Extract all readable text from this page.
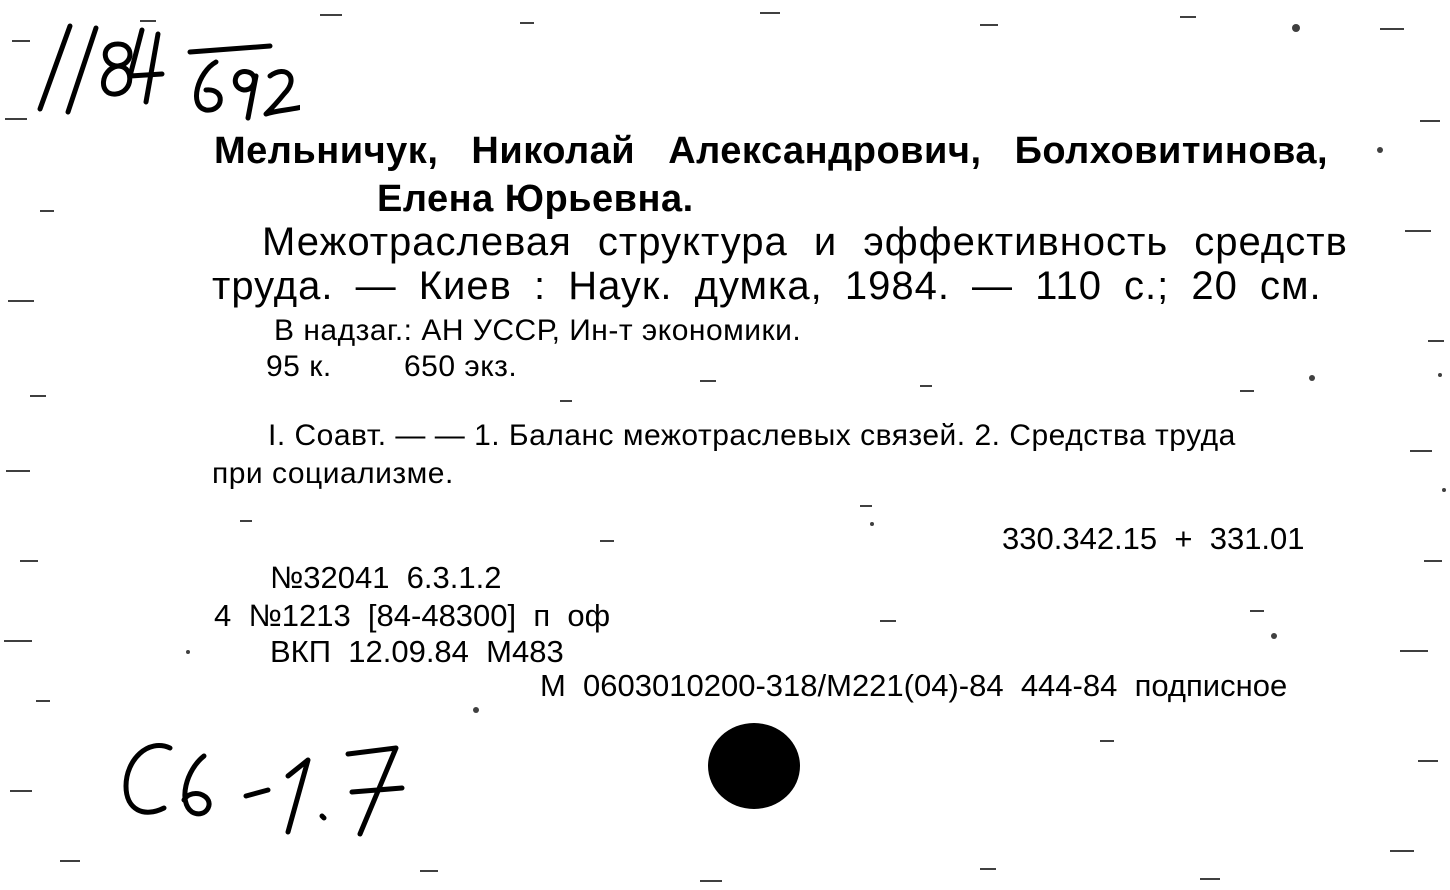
Мельничук, Николай Александрович, Болховитинова,
Елена Юрьевна.
Межотраслевая структура и эффективность средств
труда. — Киев : Наук. думка, 1984. — 110 с.; 20 см.
В надзаг.: АН УССР, Ин-т экономики.
95 к. 650 экз.
I. Соавт. — — 1. Баланс межотраслевых связей. 2. Средства труда
при социализме.
330.342.15  +  331.01
№32041  6.3.1.2
4  №1213  [84-48300]  п  оф
ВКП  12.09.84  М483
М  0603010200-318/М221(04)-84  444-84  подписное
